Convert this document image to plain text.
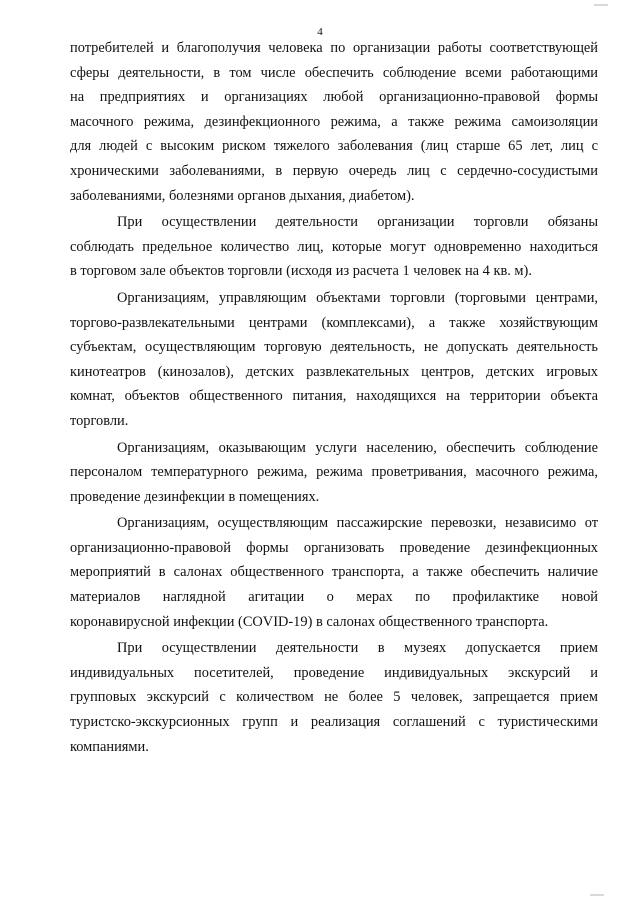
4
потребителей и благополучия человека по организации работы соответствующей
сферы деятельности, в том числе обеспечить соблюдение всеми работающими
на предприятиях и организациях любой организационно-правовой формы
масочного режима, дезинфекционного режима, а также режима самоизоляции
для людей с высоким риском тяжелого заболевания (лиц старше 65 лет, лиц с
хроническими заболеваниями, в первую очередь лиц с сердечно-сосудистыми
заболеваниями, болезнями органов дыхания, диабетом).
При осуществлении деятельности организации торговли обязаны
соблюдать предельное количество лиц, которые могут одновременно находиться
в торговом зале объектов торговли (исходя из расчета 1 человек на 4 кв. м).
Организациям, управляющим объектами торговли (торговыми центрами,
торгово-развлекательными центрами (комплексами), а также хозяйствующим
субъектам, осуществляющим торговую деятельность, не допускать деятельность
кинотеатров (кинозалов), детских развлекательных центров, детских игровых
комнат, объектов общественного питания, находящихся на территории объекта
торговли.
Организациям, оказывающим услуги населению, обеспечить соблюдение
персоналом температурного режима, режима проветривания, масочного режима,
проведение дезинфекции в помещениях.
Организациям, осуществляющим пассажирские перевозки, независимо от
организационно-правовой формы организовать проведение дезинфекционных
мероприятий в салонах общественного транспорта, а также обеспечить наличие
материалов наглядной агитации о мерах по профилактике новой
коронавирусной инфекции (COVID-19) в салонах общественного транспорта.
При осуществлении деятельности в музеях допускается прием
индивидуальных посетителей, проведение индивидуальных экскурсий и
групповых экскурсий с количеством не более 5 человек, запрещается прием
туристско-экскурсионных групп и реализация соглашений с туристическими
компаниями.
